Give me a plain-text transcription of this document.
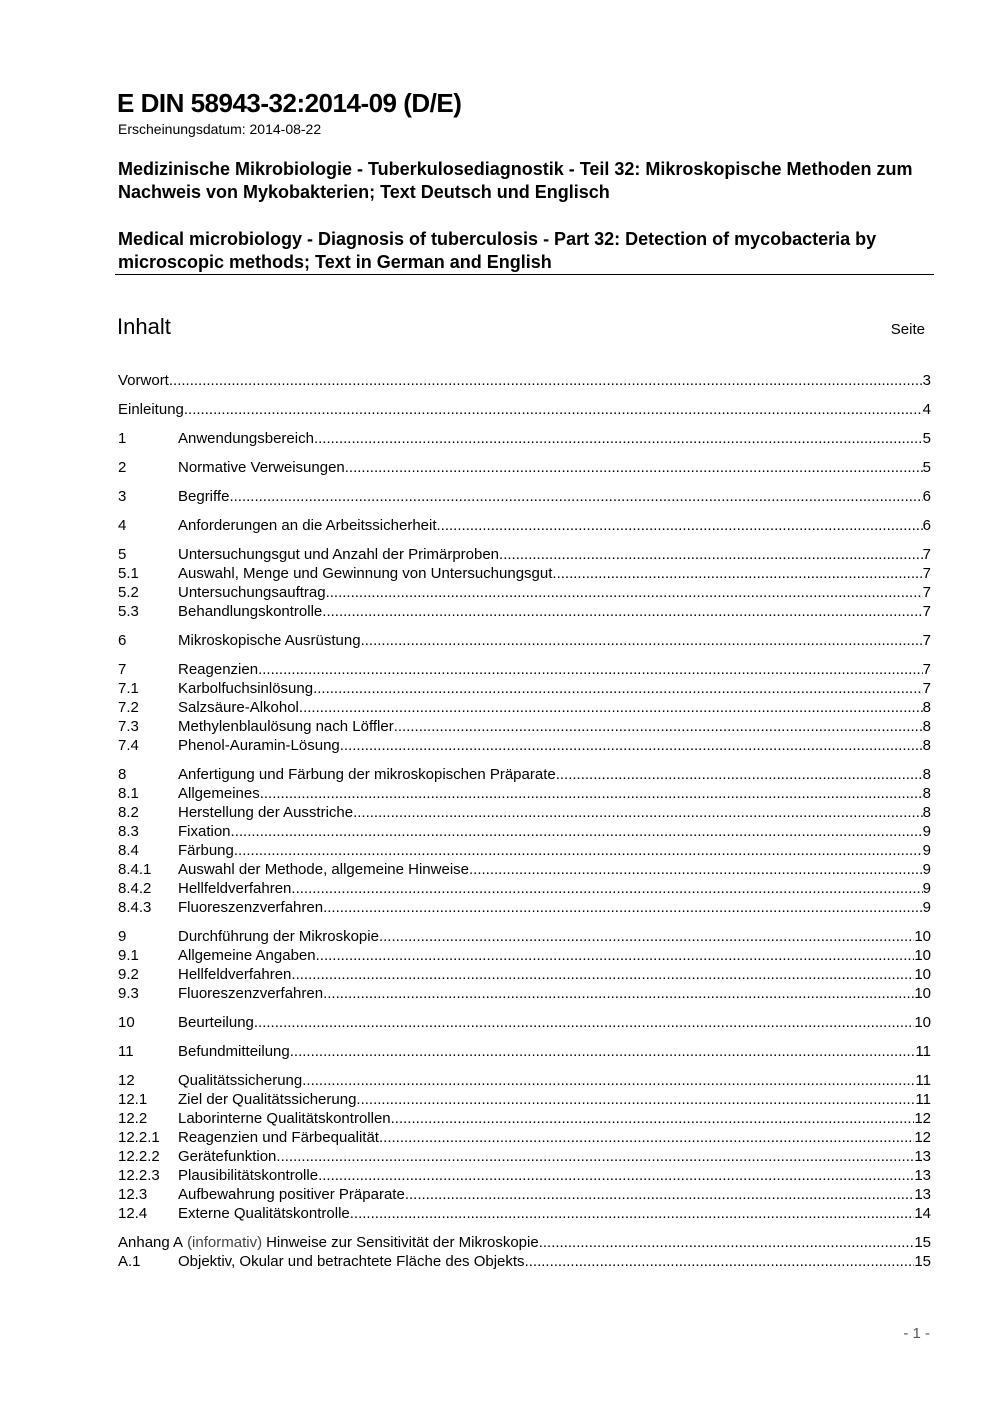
E DIN 58943-32:2014-09 (D/E)
Erscheinungsdatum: 2014-08-22
Medizinische Mikrobiologie - Tuberkulosediagnostik - Teil 32: Mikroskopische Methoden zum Nachweis von Mykobakterien; Text Deutsch und Englisch
Medical microbiology - Diagnosis of tuberculosis - Part 32: Detection of mycobacteria by microscopic methods; Text in German and English
Inhalt	Seite
Vorwort .....	3
Einleitung .....	4
1	Anwendungsbereich .....	5
2	Normative Verweisungen .....	5
3	Begriffe .....	6
4	Anforderungen an die Arbeitssicherheit .....	6
5	Untersuchungsgut und Anzahl der Primärproben .....	7
5.1	Auswahl, Menge und Gewinnung von Untersuchungsgut .....	7
5.2	Untersuchungsauftrag .....	7
5.3	Behandlungskontrolle .....	7
6	Mikroskopische Ausrüstung .....	7
7	Reagenzien .....	7
7.1	Karbolfuchsinlösung .....	7
7.2	Salzsäure-Alkohol .....	8
7.3	Methylenblaulösung nach Löffler .....	8
7.4	Phenol-Auramin-Lösung .....	8
8	Anfertigung und Färbung der mikroskopischen Präparate .....	8
8.1	Allgemeines .....	8
8.2	Herstellung der Ausstriche .....	8
8.3	Fixation .....	9
8.4	Färbung .....	9
8.4.1	Auswahl der Methode, allgemeine Hinweise .....	9
8.4.2	Hellfeldverfahren .....	9
8.4.3	Fluoreszenzverfahren .....	9
9	Durchführung der Mikroskopie .....	10
9.1	Allgemeine Angaben .....	10
9.2	Hellfeldverfahren .....	10
9.3	Fluoreszenzverfahren .....	10
10	Beurteilung .....	10
11	Befundmitteilung .....	11
12	Qualitätssicherung .....	11
12.1	Ziel der Qualitätssicherung .....	11
12.2	Laborinterne Qualitätskontrollen .....	12
12.2.1	Reagenzien und Färbequalität .....	12
12.2.2	Gerätefunktion .....	13
12.2.3	Plausibilitätskontrolle .....	13
12.3	Aufbewahrung positiver Präparate .....	13
12.4	Externe Qualitätskontrolle .....	14
Anhang A (informativ) Hinweise zur Sensitivität der Mikroskopie .....	15
A.1	Objektiv, Okular und betrachtete Fläche des Objekts .....	15
- 1 -
